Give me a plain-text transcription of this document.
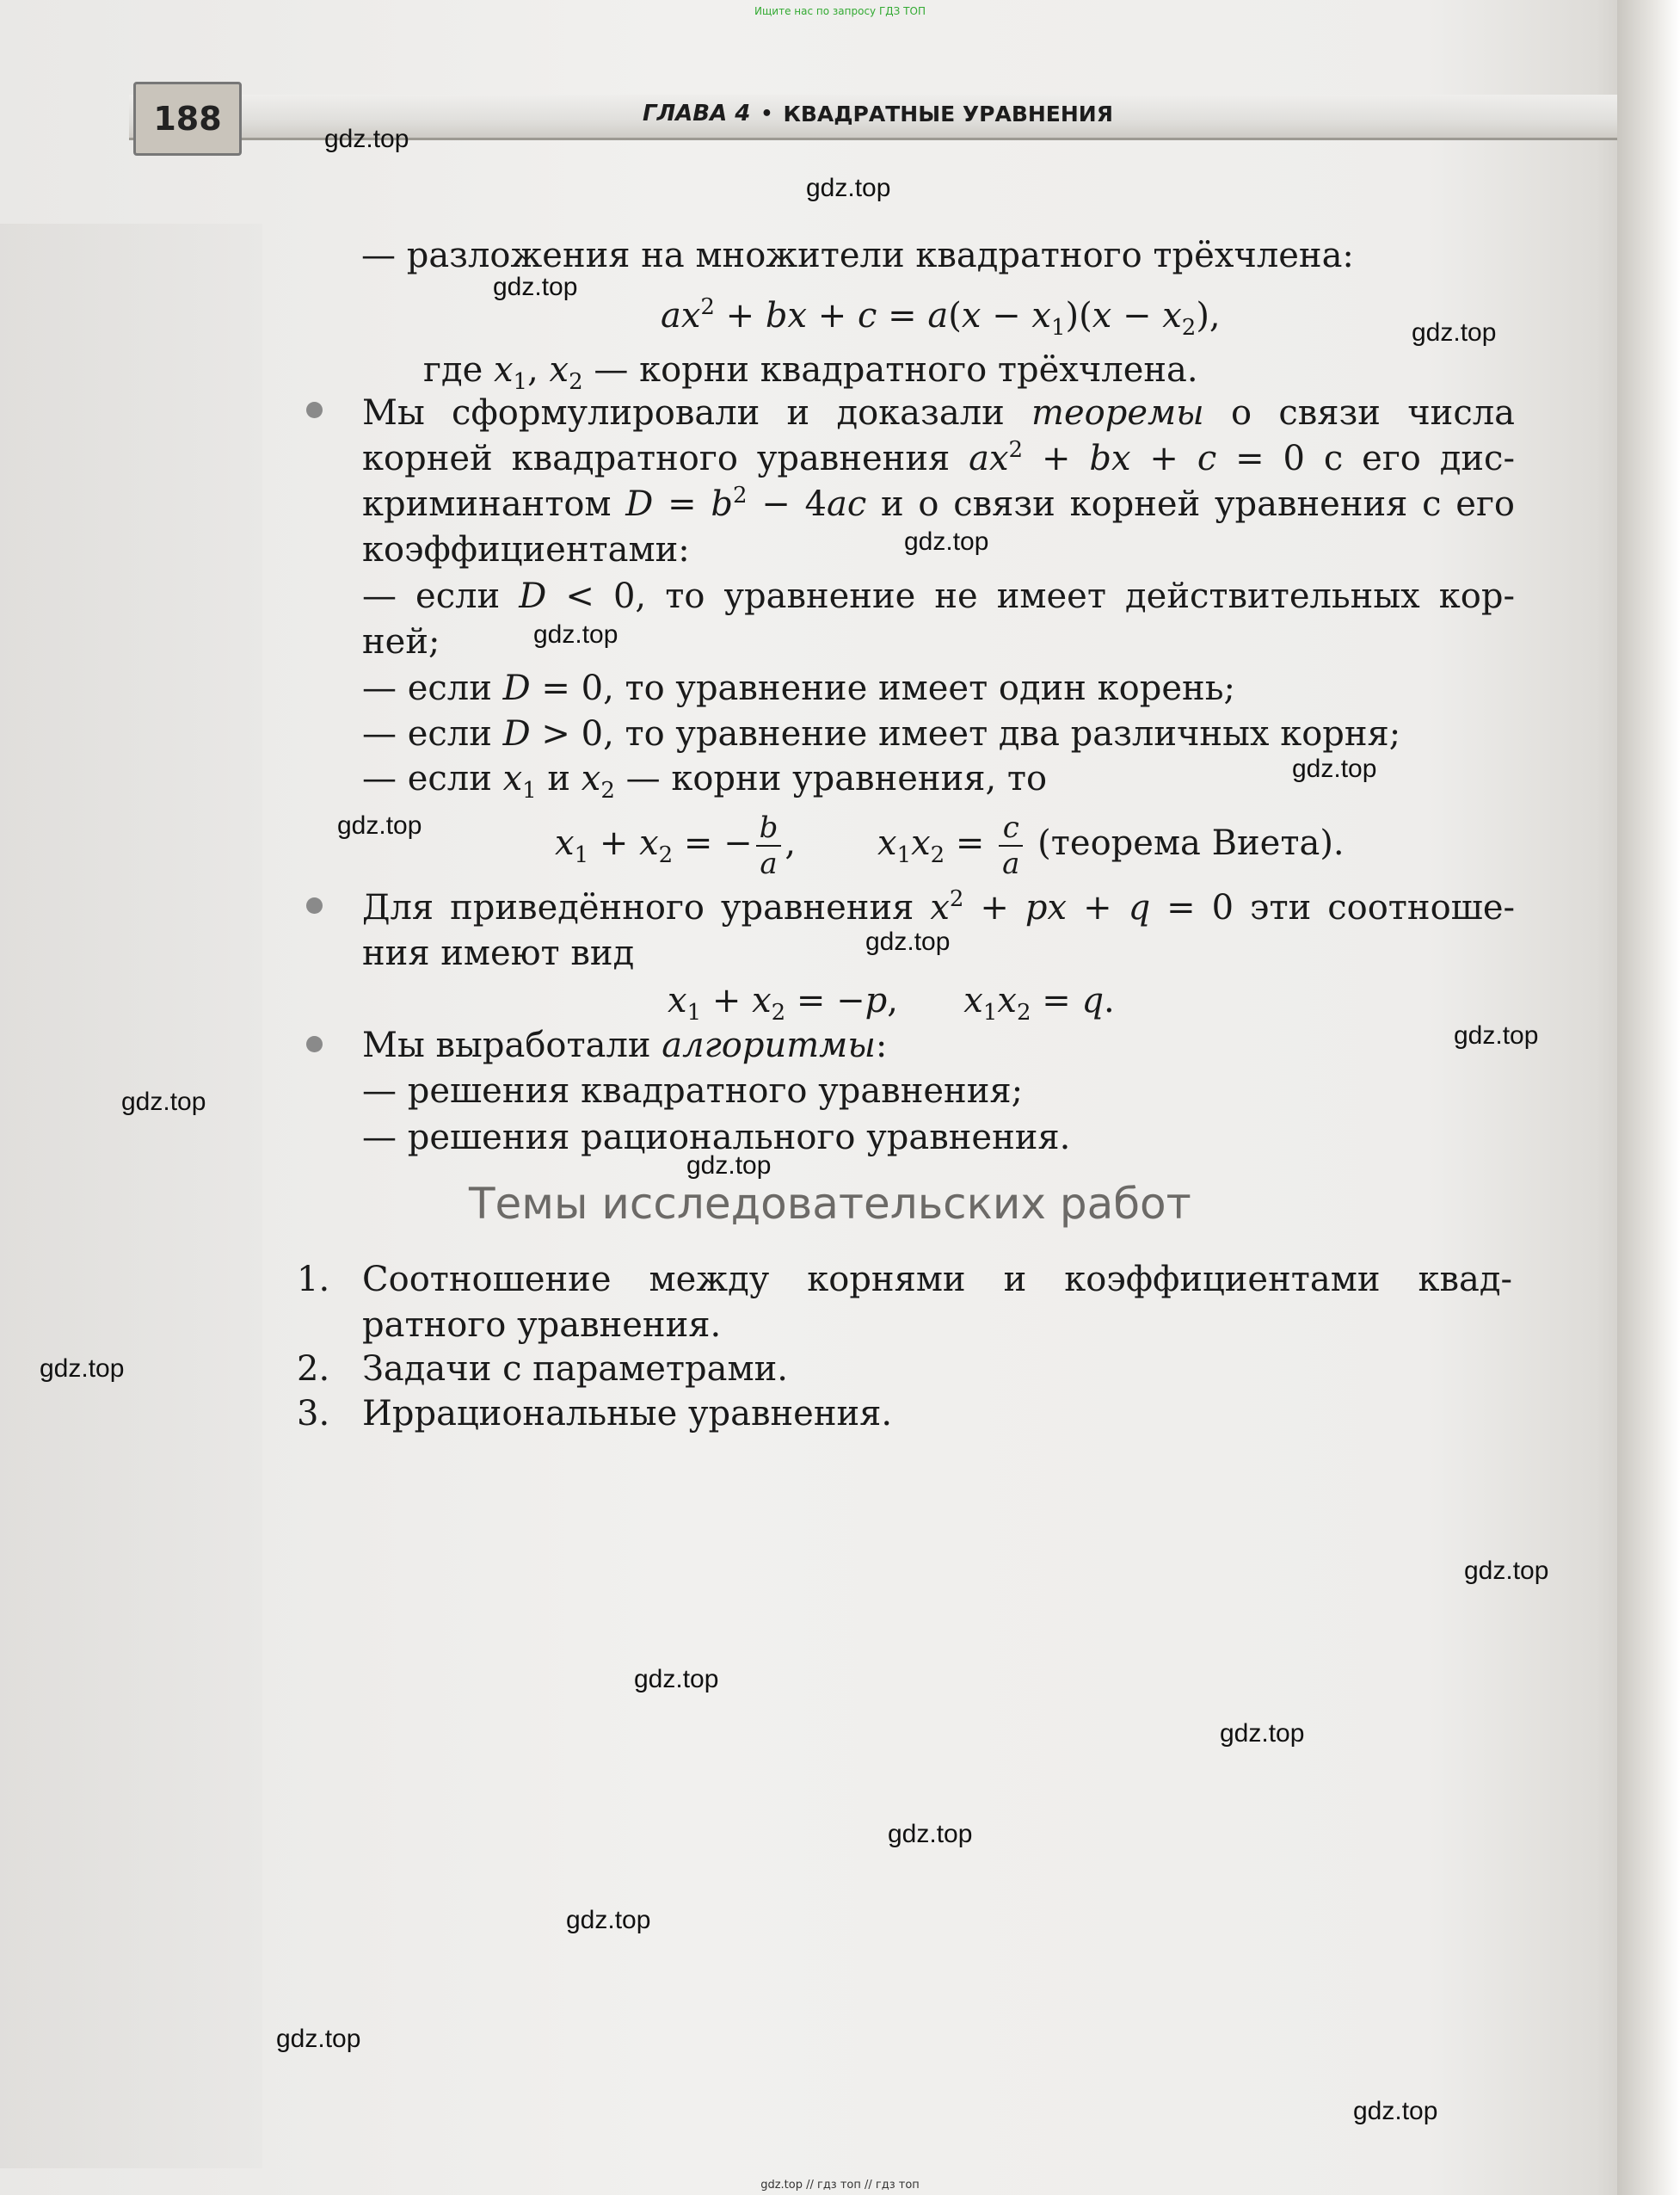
Ищите нас по запросу ГДЗ ТОП
188	ГЛАВА 4 • КВАДРАТНЫЕ УРАВНЕНИЯ
— разложения на множители квадратного трёхчлена:
$ax^2$ + bx + $c = a(x - x_1)(x - x_2)$,
где $x_1$, $x_2$ — корни квадратного трёхчлена.
Мы сформулировали и доказали теоремы о связи числа
корней квадратного уравнения $ax^2$ + bx + c = 0 с его дис-
криминантом $D = b^2 - 4ac$ и о связи корней уравнения с его
коэффициентами:
— если D < 0, то уравнение не имеет действительных кор-
ней;
— если D = 0, то уравнение имеет один корень;
— если D > 0, то уравнение имеет два различных корня;
— если $x_1$ и $x_2$ — корни уравнения, то
$x_1 + x_2$ = − $\frac{b}{a}$ , $x_1x_2 = \frac{c}{a}$ (теорема Виета).
Для приведённого уравнения $x^2$ + px + q = 0 эти соотноше-
ния имеют вид
$x_1 + x_2 = -p$,      $x_1x_2 = q$.
Мы выработали алгоритмы:
— решения квадратного уравнения;
— решения рационального уравнения.
Темы исследовательских работ
1. Соотношение между корнями и коэффициентами квад-
ратного уравнения.
2. Задачи с параметрами.
3. Иррациональные уравнения.
gdz.top
gdz.top
gdz.top
gdz.top
gdz.top
gdz.top
gdz.top
gdz.top
gdz.top
gdz.top
gdz.top
gdz.top
gdz.top
gdz.top
gdz.top
gdz.top
gdz.top
gdz.top
gdz.top
gdz.top
gdz.top // гдз топ // гдз топ
